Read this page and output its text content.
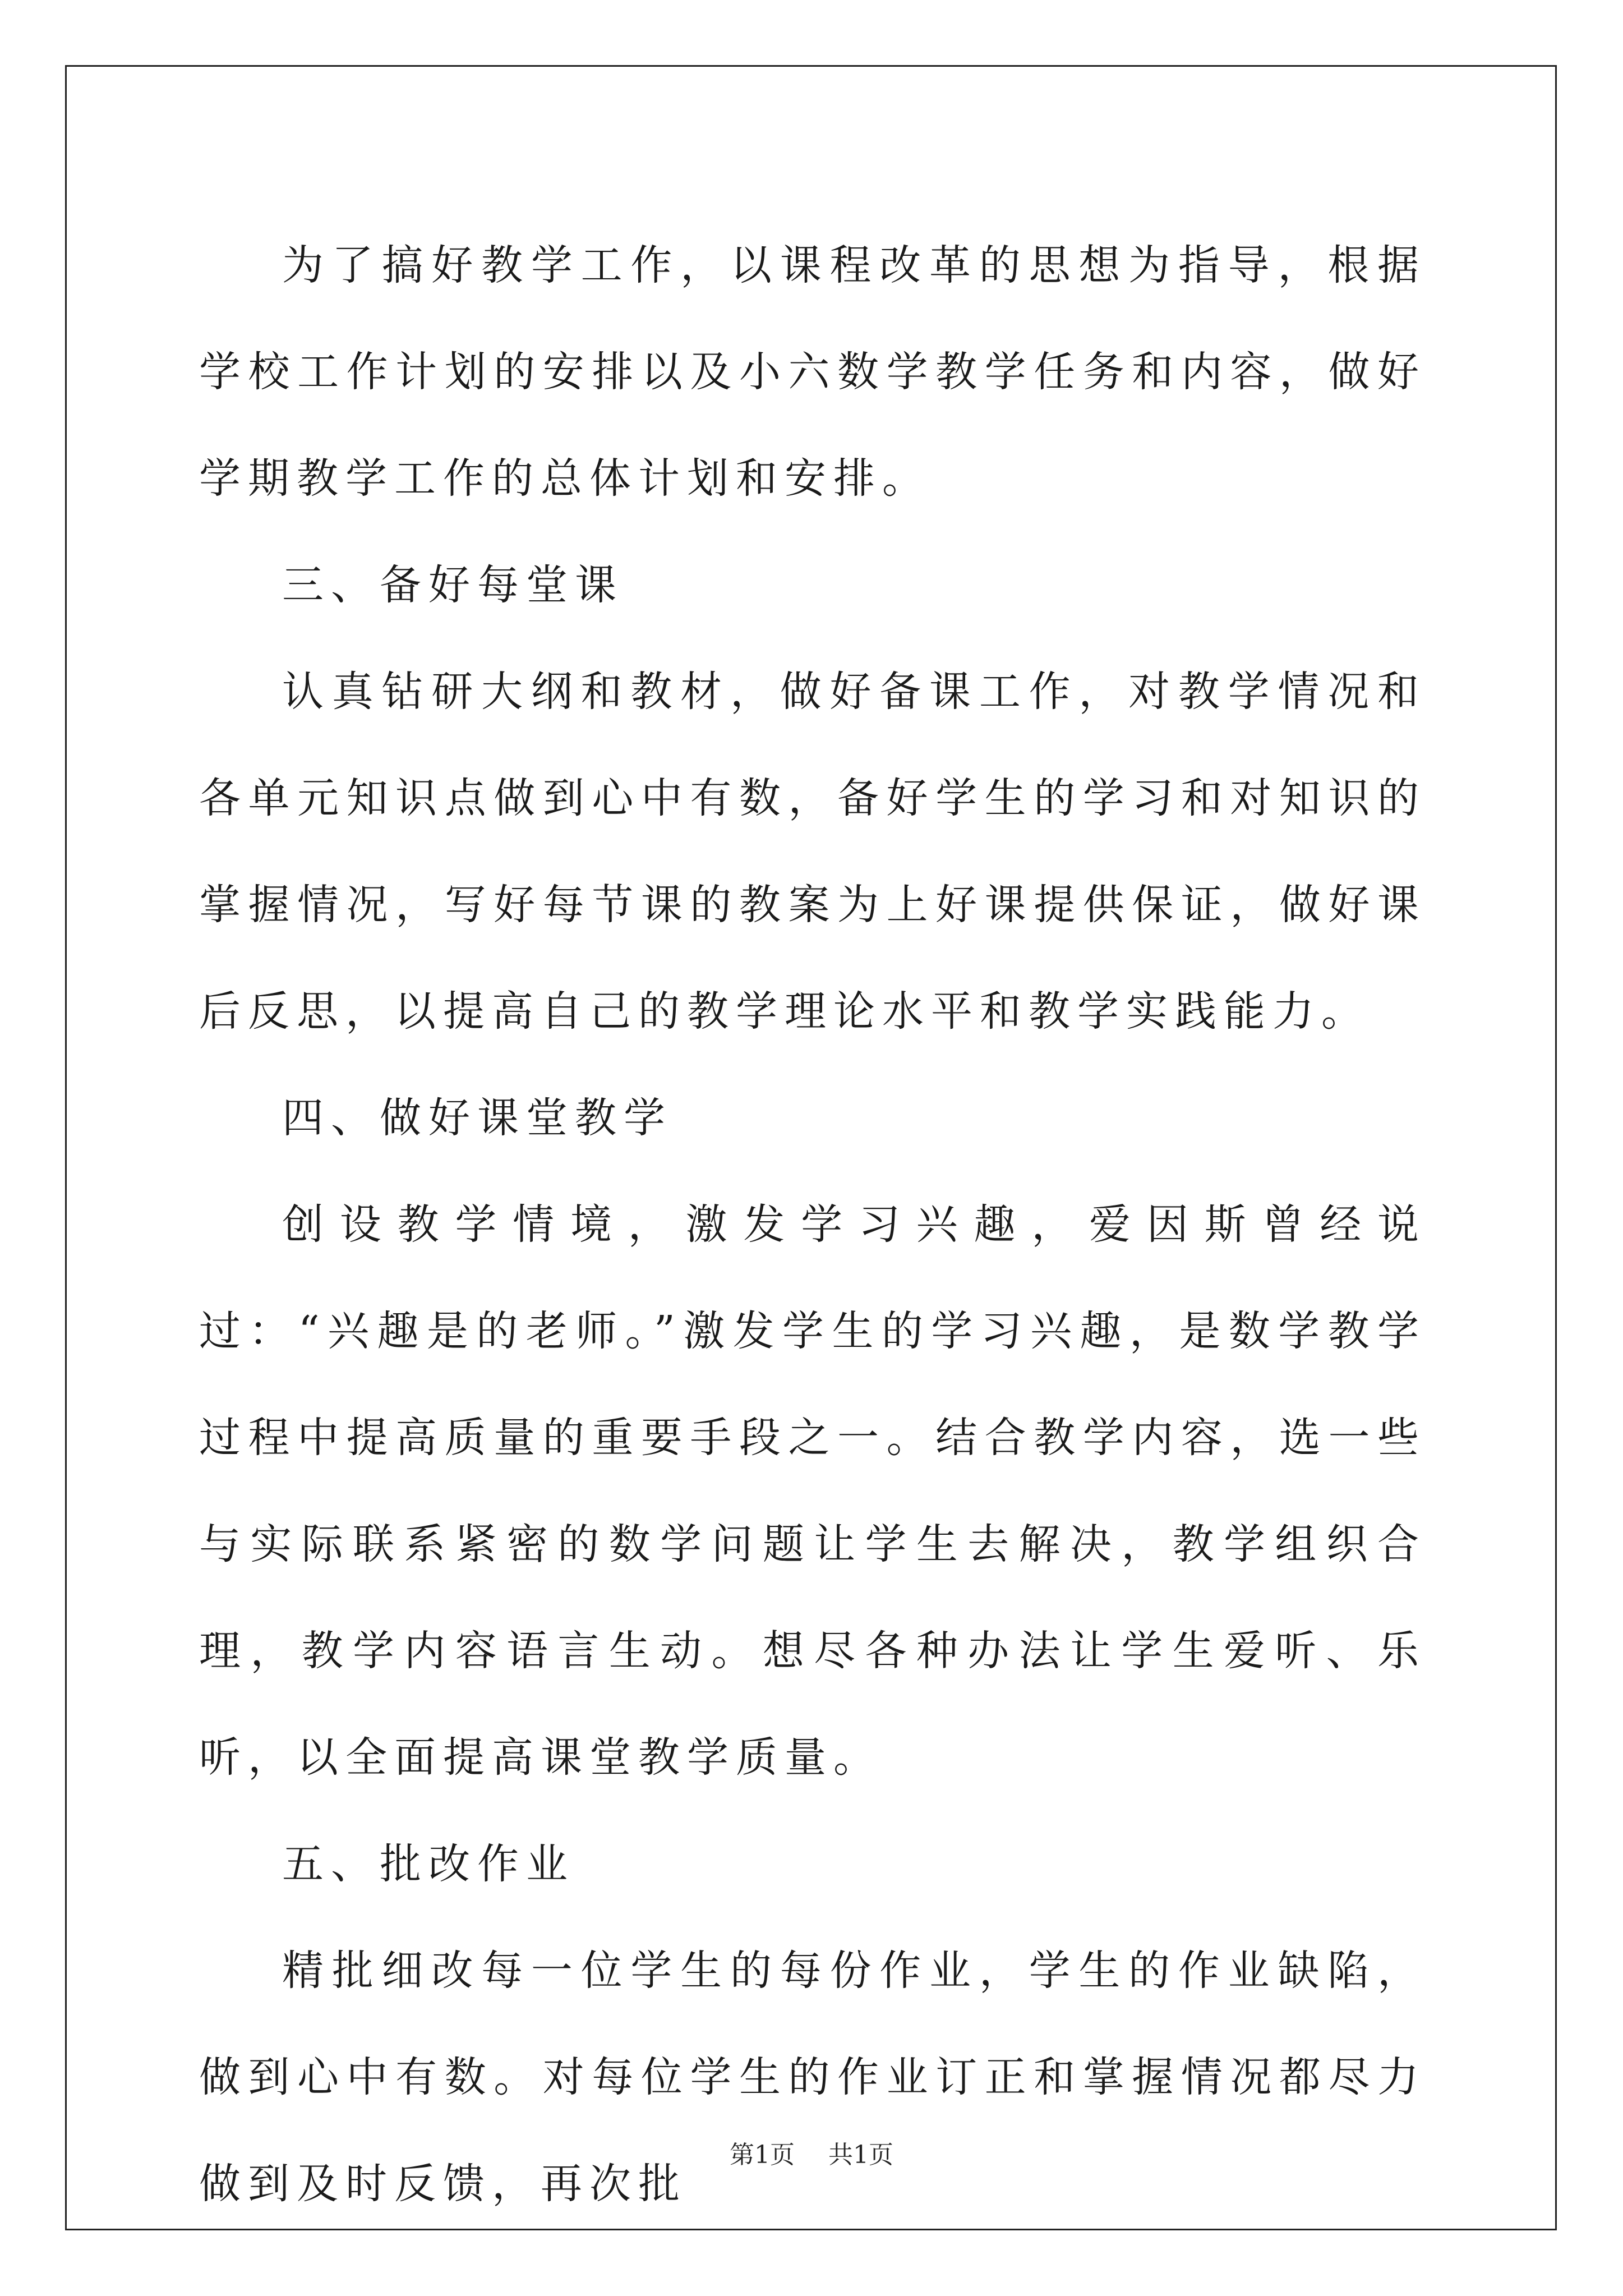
为了搞好教学工作，以课程改革的思想为指导，根据学校工作计划的安排以及小六数学教学任务和内容，做好学期教学工作的总体计划和安排。

三、备好每堂课

认真钻研大纲和教材，做好备课工作，对教学情况和各单元知识点做到心中有数，备好学生的学习和对知识的掌握情况，写好每节课的教案为上好课提供保证，做好课后反思，以提高自己的教学理论水平和教学实践能力。

四、做好课堂教学

创设教学情境，激发学习兴趣，爱因斯曾经说过：“兴趣是的老师。”激发学生的学习兴趣，是数学教学过程中提高质量的重要手段之一。结合教学内容，选一些与实际联系紧密的数学问题让学生去解决，教学组织合理，教学内容语言生动。想尽各种办法让学生爱听、乐听，以全面提高课堂教学质量。

五、批改作业

精批细改每一位学生的每份作业，学生的作业缺陷，做到心中有数。对每位学生的作业订正和掌握情况都尽力做到及时反馈，再次批

第1页 共1页
